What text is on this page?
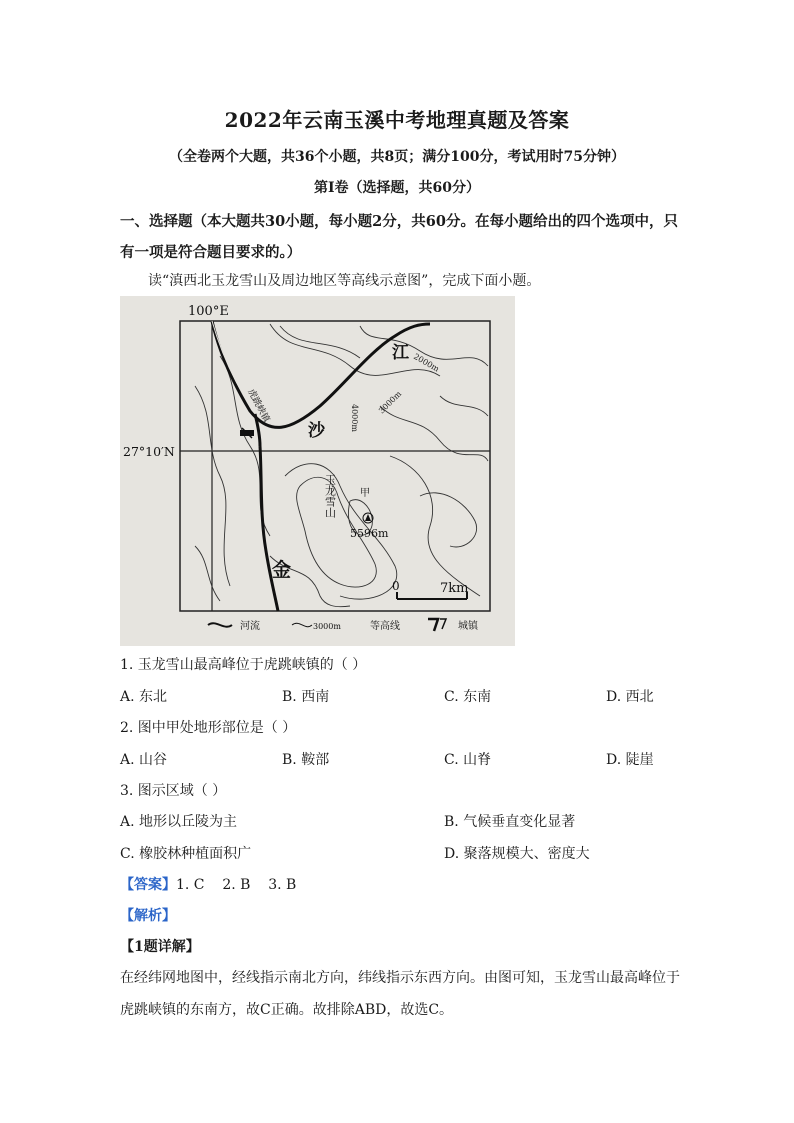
2022年云南玉溪中考地理真题及答案
（全卷两个大题，共36个小题，共8页；满分100分，考试用时75分钟）
第Ⅰ卷（选择题，共60分）
一、选择题（本大题共30小题，每小题2分，共60分。在每小题给出的四个选项中，只有一项是符合题目要求的。）
读“滇西北玉龙雪山及周边地区等高线示意图”，完成下面小题。
100°E
27°10′N
江
沙
金
虎跳峡镇
玉龙雪山 甲
5596m
2000m
3000m
4000m
0	7km
河流	3000m	等高线	城镇
1. 玉龙雪山最高峰位于虎跳峡镇的（ ）
A. 东北	B. 西南	C. 东南	D. 西北
2. 图中甲处地形部位是（ ）
A. 山谷	B. 鞍部	C. 山脊	D. 陡崖
3. 图示区域（ ）
A. 地形以丘陵为主	B. 气候垂直变化显著
C. 橡胶林种植面积广	D. 聚落规模大、密度大
【答案】1. C    2. B    3. B
【解析】
【1题详解】
在经纬网地图中，经线指示南北方向，纬线指示东西方向。由图可知，玉龙雪山最高峰位于虎跳峡镇的东南方，故C正确。故排除ABD，故选C。
